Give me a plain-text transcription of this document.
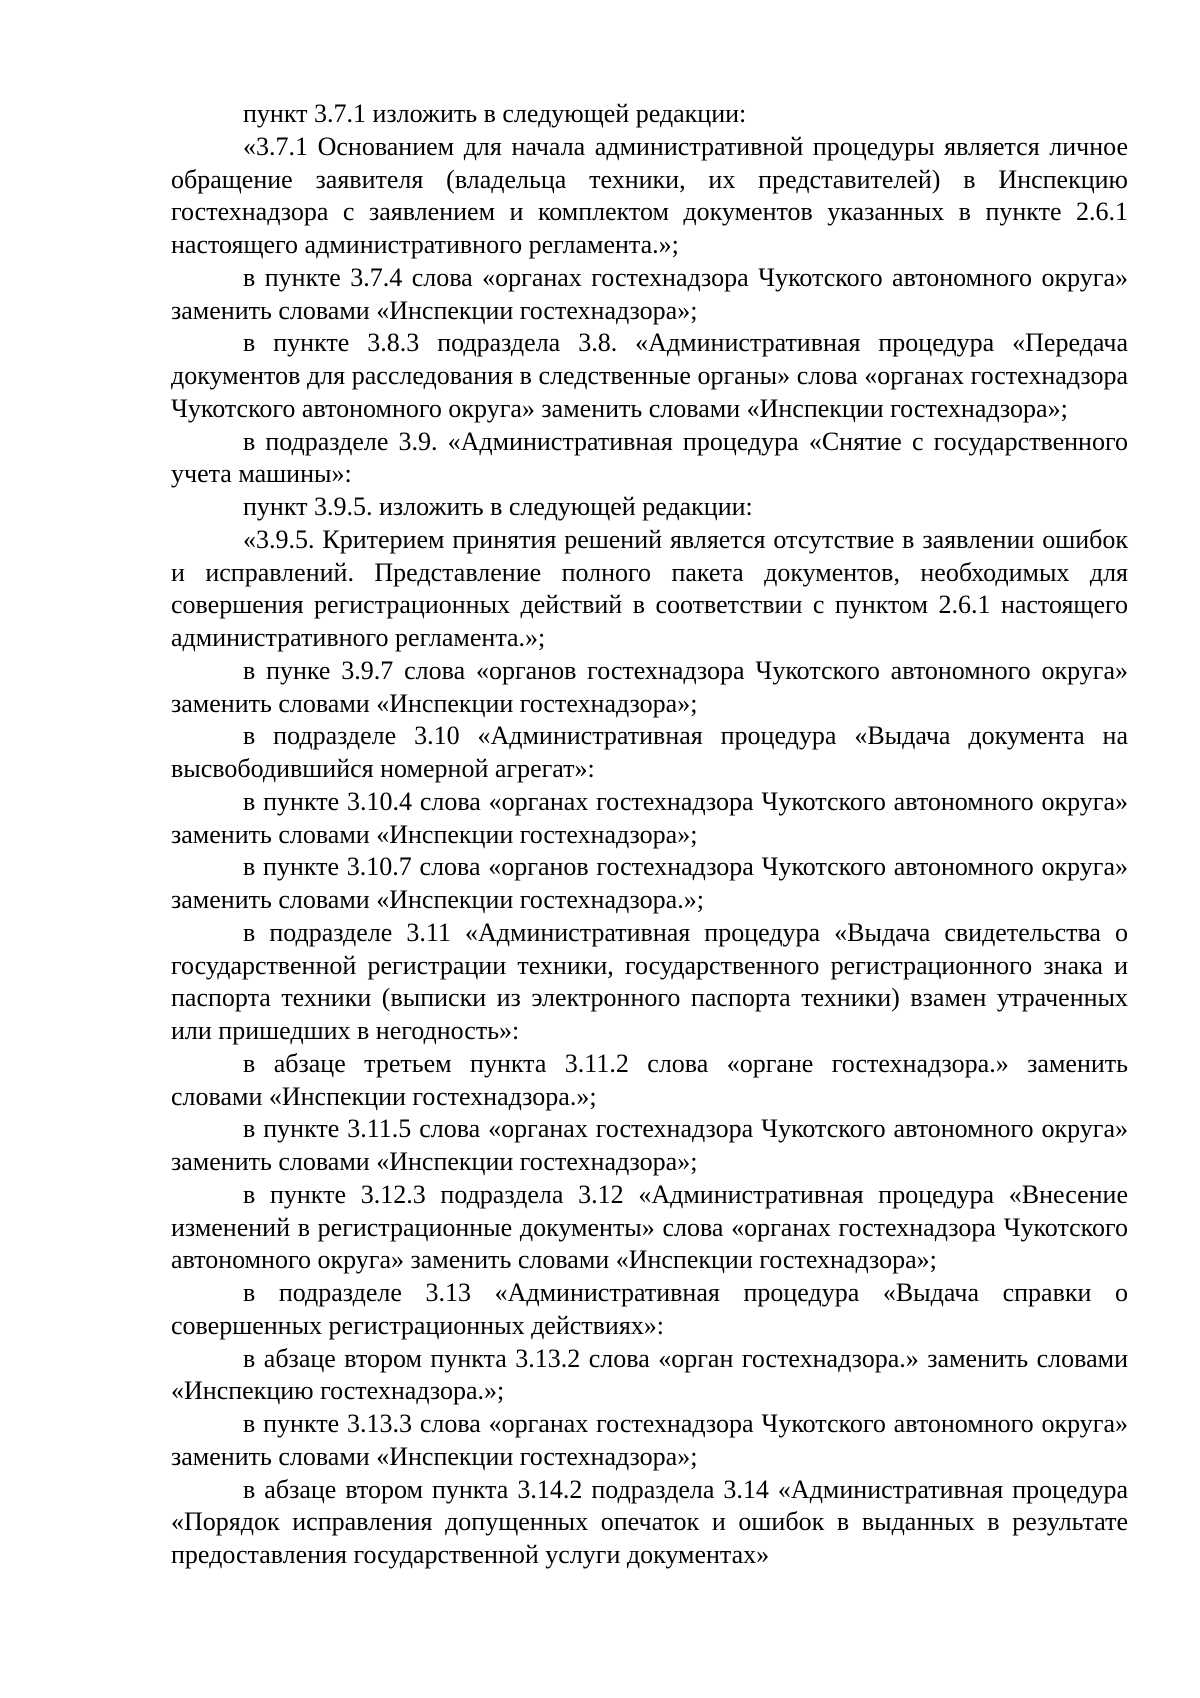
пункт 3.7.1 изложить в следующей редакции:

«3.7.1 Основанием для начала административной процедуры является личное обращение заявителя (владельца техники, их представителей) в Инспекцию гостехнадзора с заявлением и комплектом документов указанных в пункте 2.6.1 настоящего административного регламента.»;

в пункте 3.7.4 слова «органах гостехнадзора Чукотского автономного округа» заменить словами «Инспекции гостехнадзора»;

в пункте 3.8.3 подраздела 3.8. «Административная процедура «Передача документов для расследования в следственные органы» слова «органах гостехнадзора Чукотского автономного округа» заменить словами «Инспекции гостехнадзора»;

в подразделе 3.9. «Административная процедура «Снятие с государственного учета машины»:

пункт 3.9.5. изложить в следующей редакции:

«3.9.5. Критерием принятия решений является отсутствие в заявлении ошибок и исправлений. Представление полного пакета документов, необходимых для совершения регистрационных действий в соответствии с пунктом 2.6.1 настоящего административного регламента.»;

в пунке 3.9.7 слова «органов гостехнадзора Чукотского автономного округа» заменить словами «Инспекции гостехнадзора»;

в подразделе 3.10 «Административная процедура «Выдача документа на высвободившийся номерной агрегат»:

в пункте 3.10.4 слова «органах гостехнадзора Чукотского автономного округа» заменить словами «Инспекции гостехнадзора»;

в пункте 3.10.7 слова «органов гостехнадзора Чукотского автономного округа» заменить словами «Инспекции гостехнадзора.»;

в подразделе 3.11 «Административная процедура «Выдача свидетельства о государственной регистрации техники, государственного регистрационного знака и паспорта техники (выписки из электронного паспорта техники) взамен утраченных или пришедших в негодность»:

в абзаце третьем пункта 3.11.2 слова «органе гостехнадзора.» заменить словами «Инспекции гостехнадзора.»;

в пункте 3.11.5 слова «органах гостехнадзора Чукотского автономного округа» заменить словами «Инспекции гостехнадзора»;

в пункте 3.12.3 подраздела 3.12 «Административная процедура «Внесение изменений в регистрационные документы» слова «органах гостехнадзора Чукотского автономного округа» заменить словами «Инспекции гостехнадзора»;

в подразделе 3.13 «Административная процедура «Выдача справки о совершенных регистрационных действиях»:

в абзаце втором пункта 3.13.2 слова «орган гостехнадзора.» заменить словами «Инспекцию гостехнадзора.»;

в пункте 3.13.3 слова «органах гостехнадзора Чукотского автономного округа» заменить словами «Инспекции гостехнадзора»;

в абзаце втором пункта 3.14.2 подраздела 3.14 «Административная процедура «Порядок исправления допущенных опечаток и ошибок в выданных в результате предоставления государственной услуги документах»
